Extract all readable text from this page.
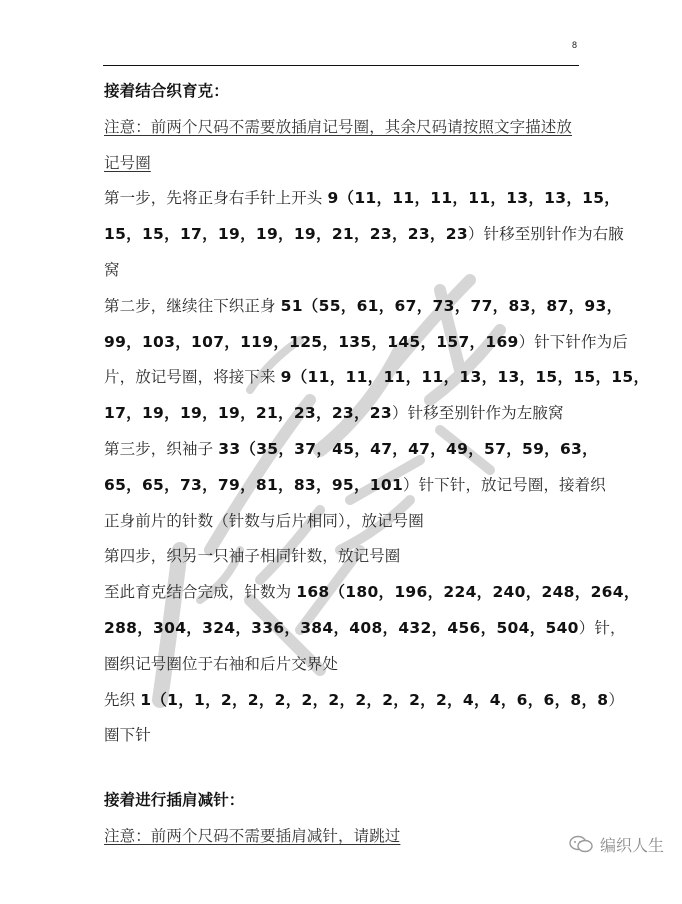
8
接着结合织育克：
注意：前两个尺码不需要放插肩记号圈，其余尺码请按照文字描述放
记号圈
第一步，先将正身右手针上开头 9（11，11，11，11，13，13，15，
15，15，17，19，19，19，21，23，23，23）针移至别针作为右腋
窝
第二步，继续往下织正身 51（55，61，67，73，77，83，87，93，
99，103，107，119，125，135，145，157，169）针下针作为后
片，放记号圈，将接下来 9（11，11，11，11，13，13，15，15，15，
17，19，19，19，21，23，23，23）针移至别针作为左腋窝
第三步，织袖子 33（35，37，45，47，47，49，57，59，63，
65，65，73，79，81，83，95，101）针下针，放记号圈，接着织
正身前片的针数（针数与后片相同），放记号圈
第四步，织另一只袖子相同针数，放记号圈
至此育克结合完成，针数为 168（180，196，224，240，248，264，
288，304，324，336，384，408，432，456，504，540）针，
圈织记号圈位于右袖和后片交界处
先织 1（1，1，2，2，2，2，2，2，2，2，2，4，4，6，6，8，8）
圈下针
接着进行插肩减针：
注意：前两个尺码不需要插肩减针，请跳过	编织人生
